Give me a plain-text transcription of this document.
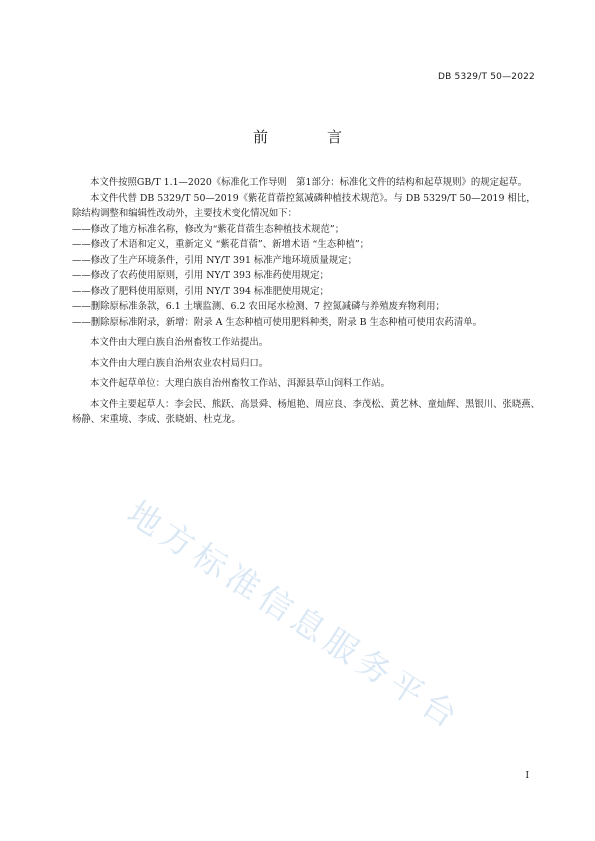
DB 5329/T 50—2022
前　言

本文件按照GB/T 1.1—2020《标准化工作导则　第1部分：标准化文件的结构和起草规则》的规定起草。

本文件代替 DB 5329/T 50—2019《紫花苜蓿控氮减磷种植技术规范》。与 DB 5329/T 50—2019 相比，除结构调整和编辑性改动外，主要技术变化情况如下：

——修改了地方标准名称，修改为“紫花苜蓿生态种植技术规范”；

——修改了术语和定义，重新定义 “紫花苜蓿”、新增术语 “生态种植”；

——修改了生产环境条件，引用 NY/T 391 标准产地环境质量规定；

——修改了农药使用原则，引用 NY/T 393 标准药使用规定；

——修改了肥料使用原则，引用 NY/T 394 标准肥使用规定；

——删除原标准条款，6.1 土壤监测、6.2 农田尾水检测、7 控氮减磷与养殖废弃物利用；

——删除原标准附录，新增：附录 A 生态种植可使用肥料种类，附录 B 生态种植可使用农药清单。

本文件由大理白族自治州畜牧工作站提出。

本文件由大理白族自治州农业农村局归口。

本文件起草单位：大理白族自治州畜牧工作站、洱源县草山饲料工作站。

本文件主要起草人：李会民、熊跃、高景舜、杨旭艳、周应良、李茂松、黄艺林、童灿辉、黑银川、张晓燕、杨静、宋重境、李成、张晓娟、杜克龙。

地方标准信息服务平台
I
